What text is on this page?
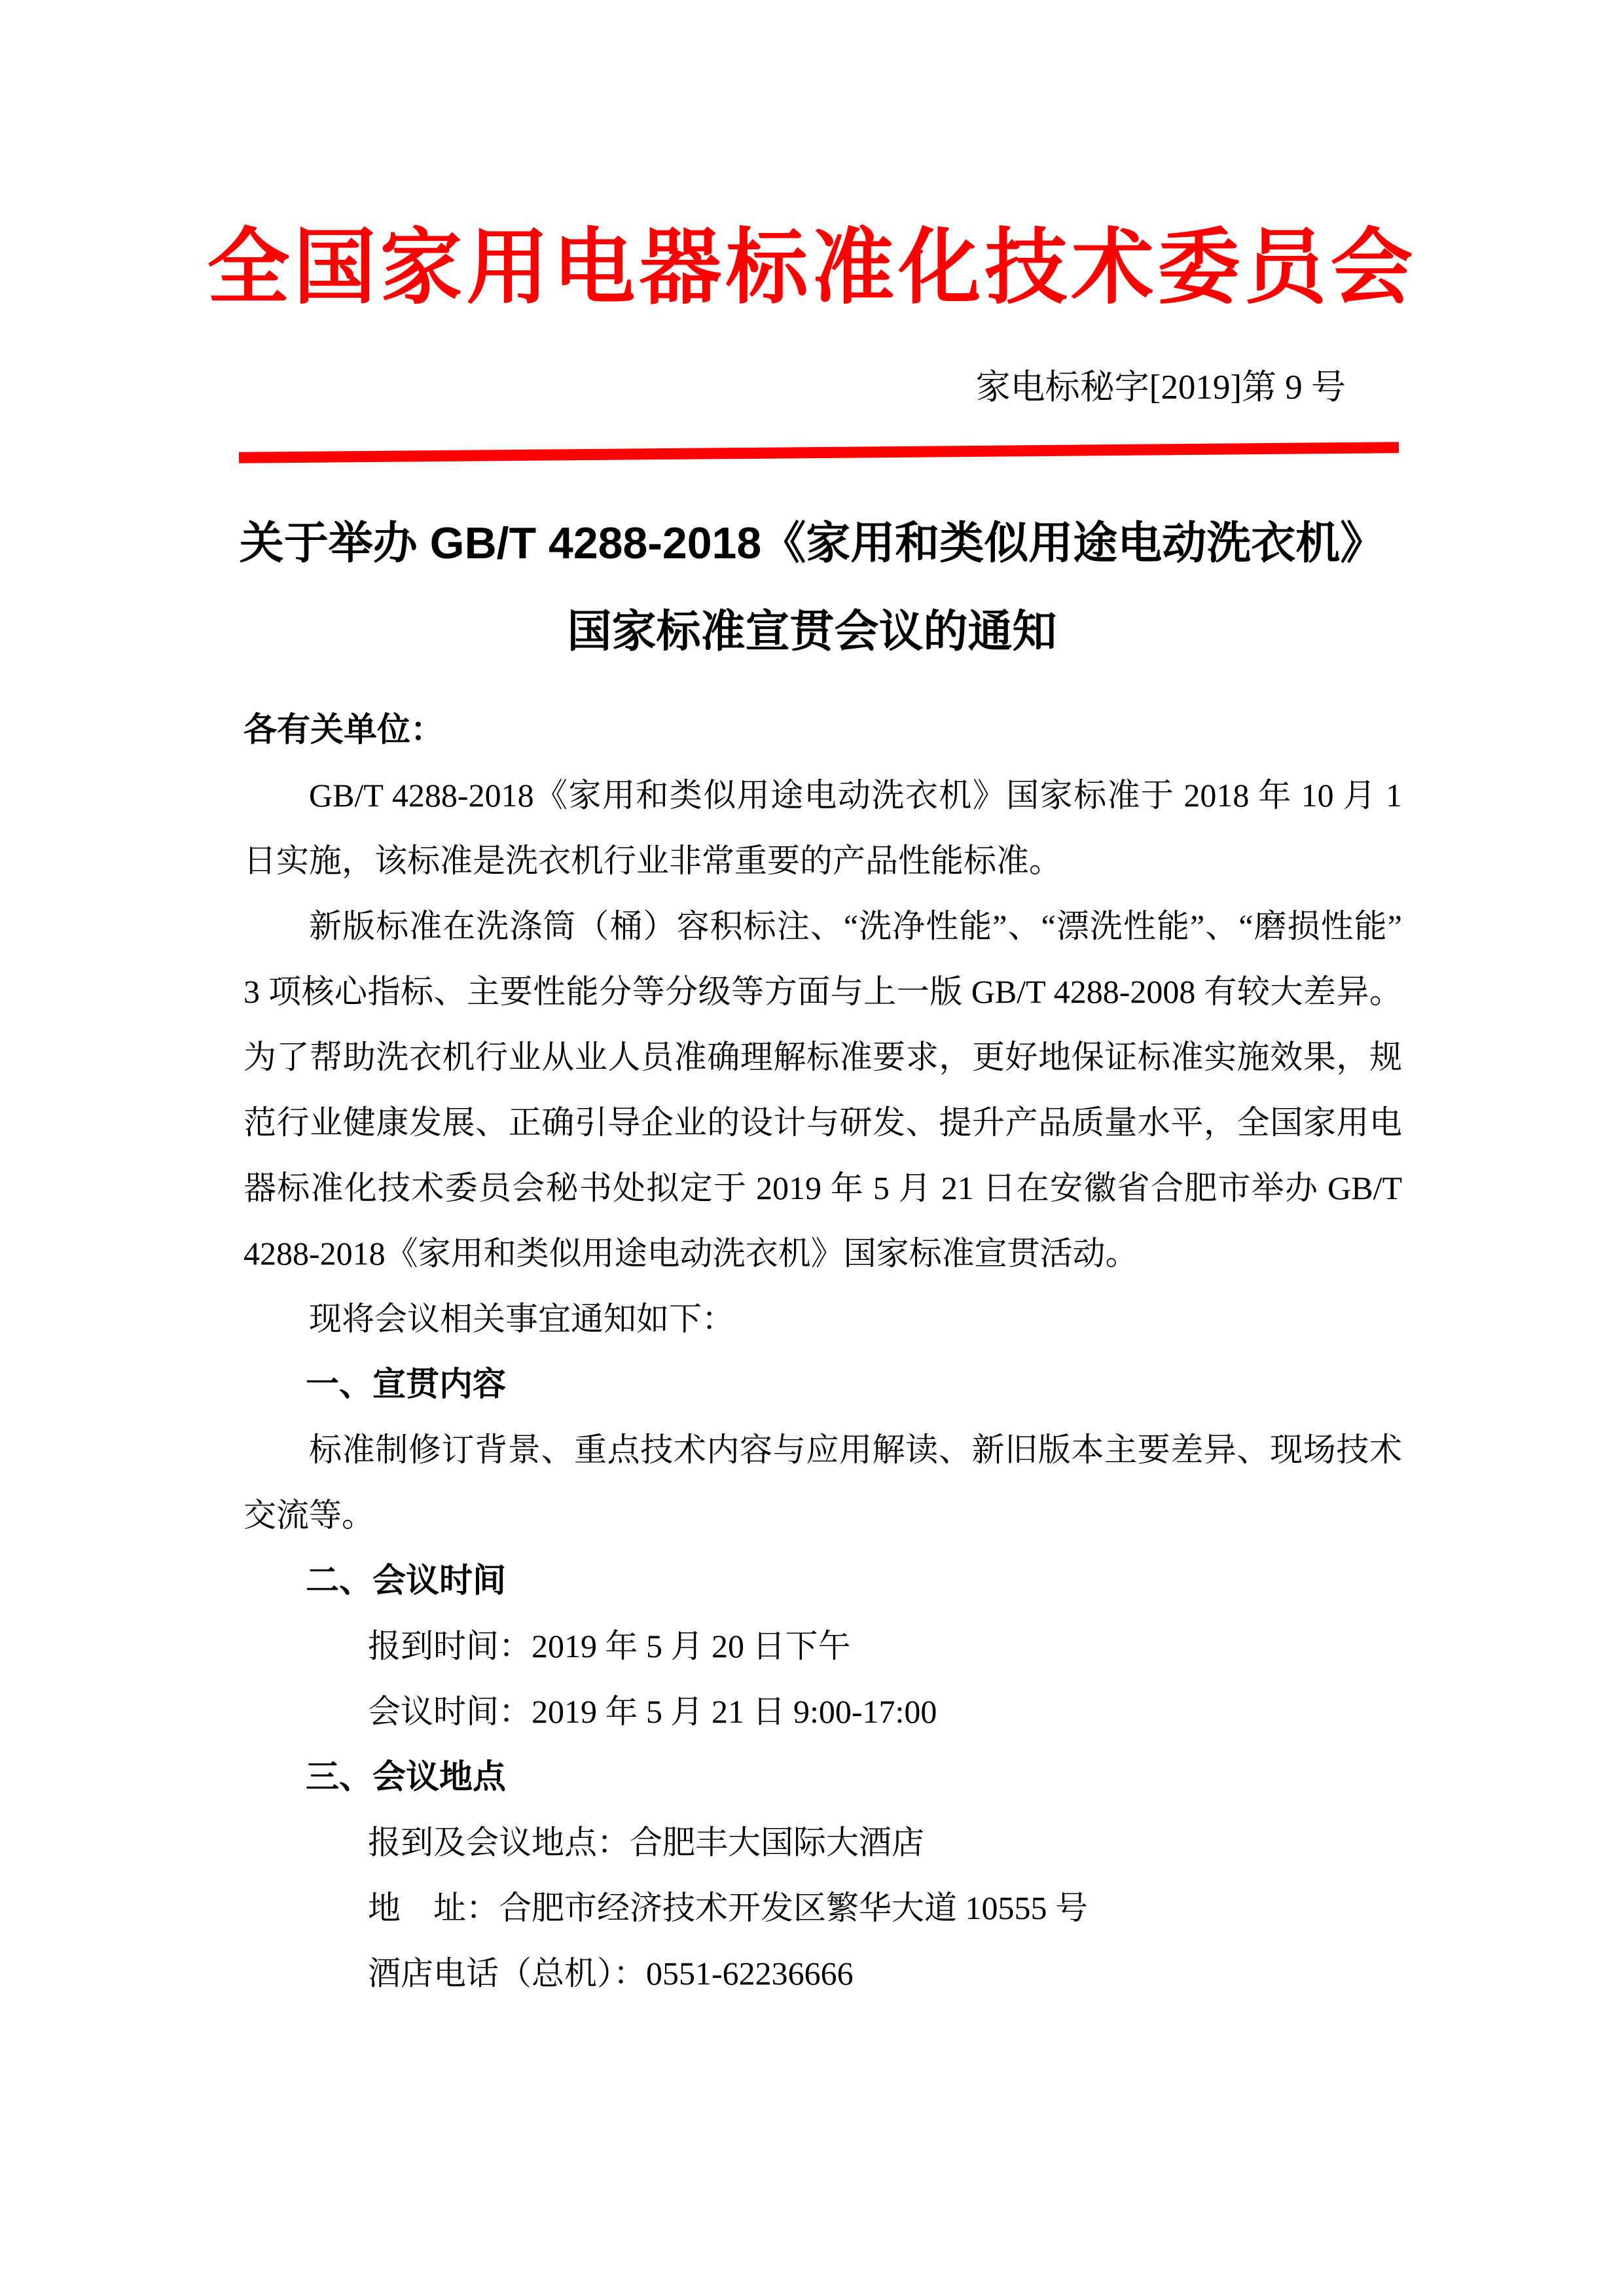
全国家用电器标准化技术委员会
家电标秘字[2019]第 9 号
关于举办 GB/T 4288-2018《家用和类似用途电动洗衣机》
国家标准宣贯会议的通知
各有关单位：
GB/T 4288-2018《家用和类似用途电动洗衣机》国家标准于 2018 年 10 月 1
日实施，该标准是洗衣机行业非常重要的产品性能标准。
新版标准在洗涤筒（桶）容积标注、“洗净性能”、“漂洗性能”、“磨损性能”
3 项核心指标、主要性能分等分级等方面与上一版 GB/T 4288-2008 有较大差异。
为了帮助洗衣机行业从业人员准确理解标准要求，更好地保证标准实施效果，规
范行业健康发展、正确引导企业的设计与研发、提升产品质量水平，全国家用电
器标准化技术委员会秘书处拟定于 2019 年 5 月 21 日在安徽省合肥市举办 GB/T
4288-2018《家用和类似用途电动洗衣机》国家标准宣贯活动。
现将会议相关事宜通知如下：
一、宣贯内容
标准制修订背景、重点技术内容与应用解读、新旧版本主要差异、现场技术
交流等。
二、会议时间
报到时间：2019 年 5 月 20 日下午
会议时间：2019 年 5 月 21 日 9:00-17:00
三、会议地点
报到及会议地点：合肥丰大国际大酒店
地　址：合肥市经济技术开发区繁华大道 10555 号
酒店电话（总机）：0551-62236666
